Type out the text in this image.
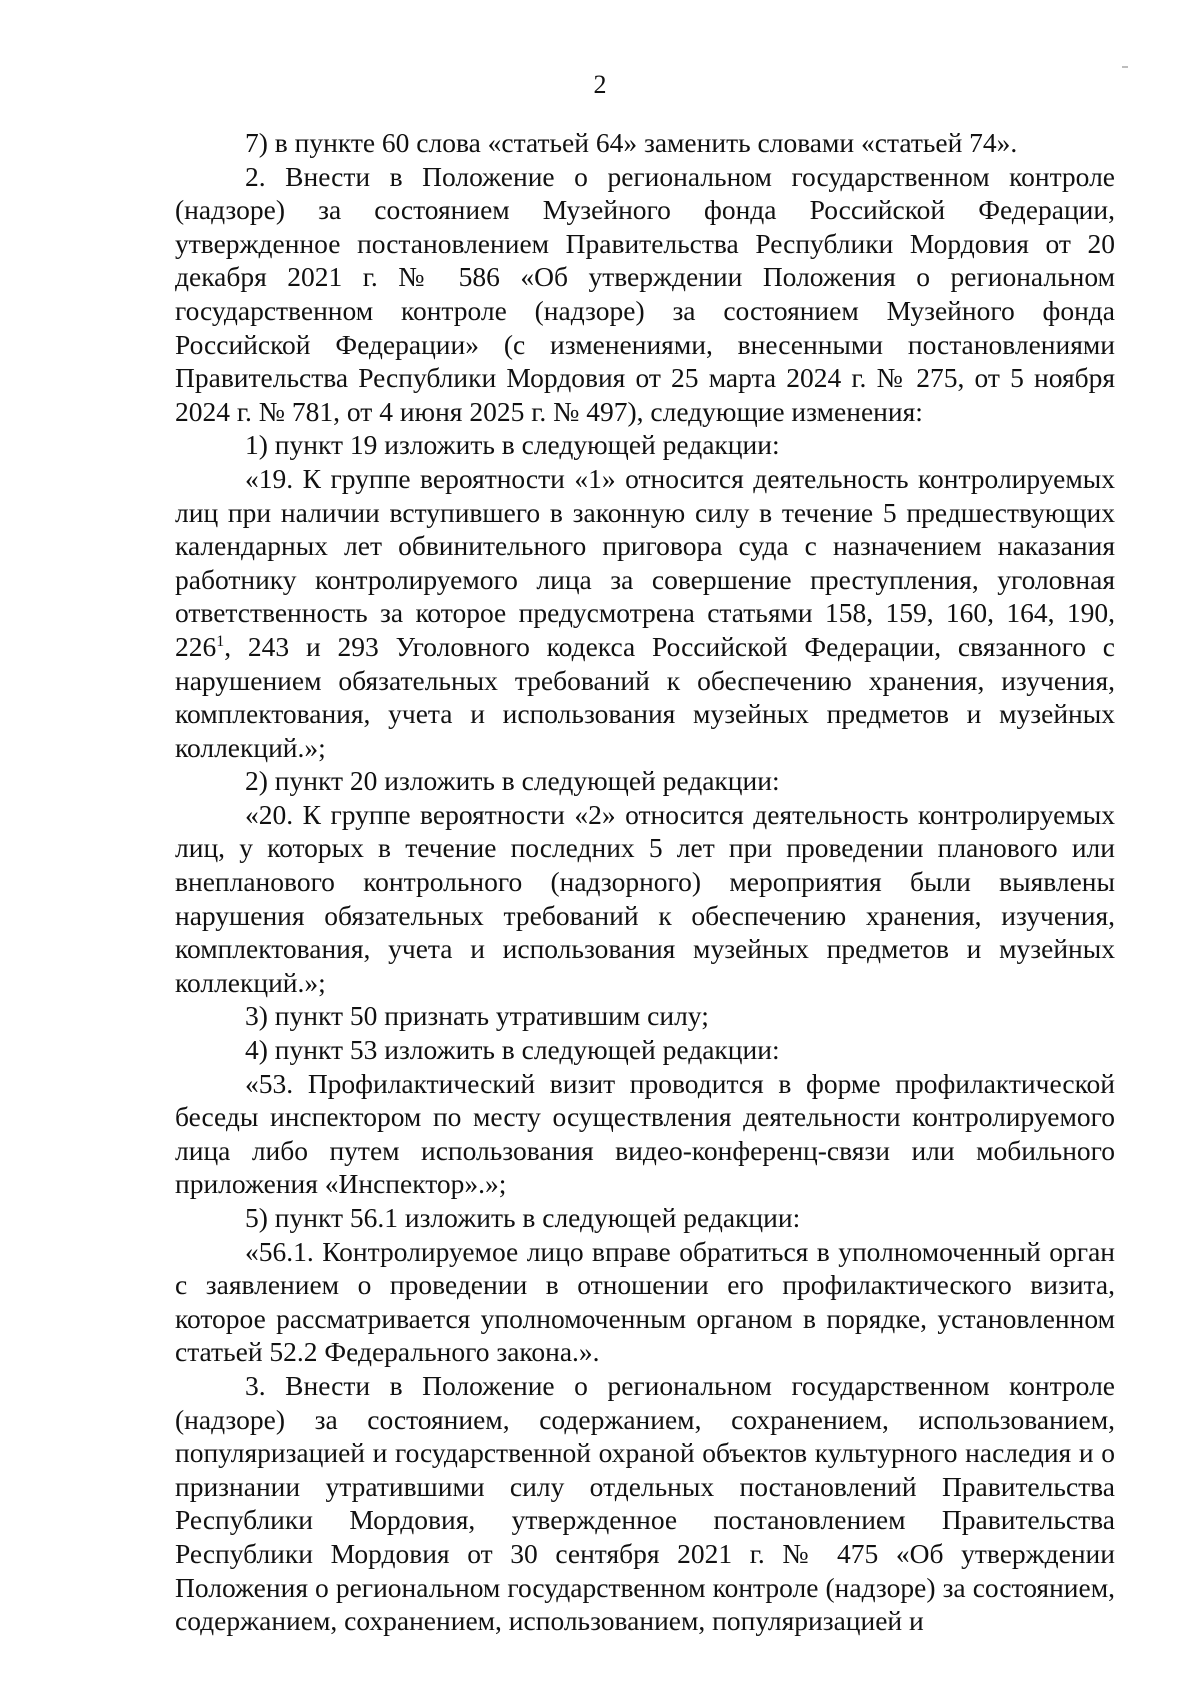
2

7) в пункте 60 слова «статьей 64» заменить словами «статьей 74».

2. Внести в Положение о региональном государственном контроле (надзоре) за состоянием Музейного фонда Российской Федерации, утвержденное постановлением Правительства Республики Мордовия от 20 декабря 2021 г. № 586 «Об утверждении Положения о региональном государственном контроле (надзоре) за состоянием Музейного фонда Российской Федерации» (с изменениями, внесенными постановлениями Правительства Республики Мордовия от 25 марта 2024 г. № 275, от 5 ноября 2024 г. № 781, от 4 июня 2025 г. № 497), следующие изменения:

1) пункт 19 изложить в следующей редакции:

«19. К группе вероятности «1» относится деятельность контролируемых лиц при наличии вступившего в законную силу в течение 5 предшествующих календарных лет обвинительного приговора суда с назначением наказания работнику контролируемого лица за совершение преступления, уголовная ответственность за которое предусмотрена статьями 158, 159, 160, 164, 190, $226^1$, 243 и 293 Уголовного кодекса Российской Федерации, связанного с нарушением обязательных требований к обеспечению хранения, изучения, комплектования, учета и использования музейных предметов и музейных коллекций.»;

2) пункт 20 изложить в следующей редакции:

«20. К группе вероятности «2» относится деятельность контролируемых лиц, у которых в течение последних 5 лет при проведении планового или внепланового контрольного (надзорного) мероприятия были выявлены нарушения обязательных требований к обеспечению хранения, изучения, комплектования, учета и использования музейных предметов и музейных коллекций.»;

3) пункт 50 признать утратившим силу;

4) пункт 53 изложить в следующей редакции:

«53. Профилактический визит проводится в форме профилактической беседы инспектором по месту осуществления деятельности контролируемого лица либо путем использования видео-конференц-связи или мобильного приложения «Инспектор».»;

5) пункт 56.1 изложить в следующей редакции:

«56.1. Контролируемое лицо вправе обратиться в уполномоченный орган с заявлением о проведении в отношении его профилактического визита, которое рассматривается уполномоченным органом в порядке, установленном статьей 52.2 Федерального закона.».

3. Внести в Положение о региональном государственном контроле (надзоре) за состоянием, содержанием, сохранением, использованием, популяризацией и государственной охраной объектов культурного наследия и о признании утратившими силу отдельных постановлений Правительства Республики Мордовия, утвержденное постановлением Правительства Республики Мордовия от 30 сентября 2021 г. № 475 «Об утверждении Положения о региональном государственном контроле (надзоре) за состоянием, содержанием, сохранением, использованием, популяризацией и
